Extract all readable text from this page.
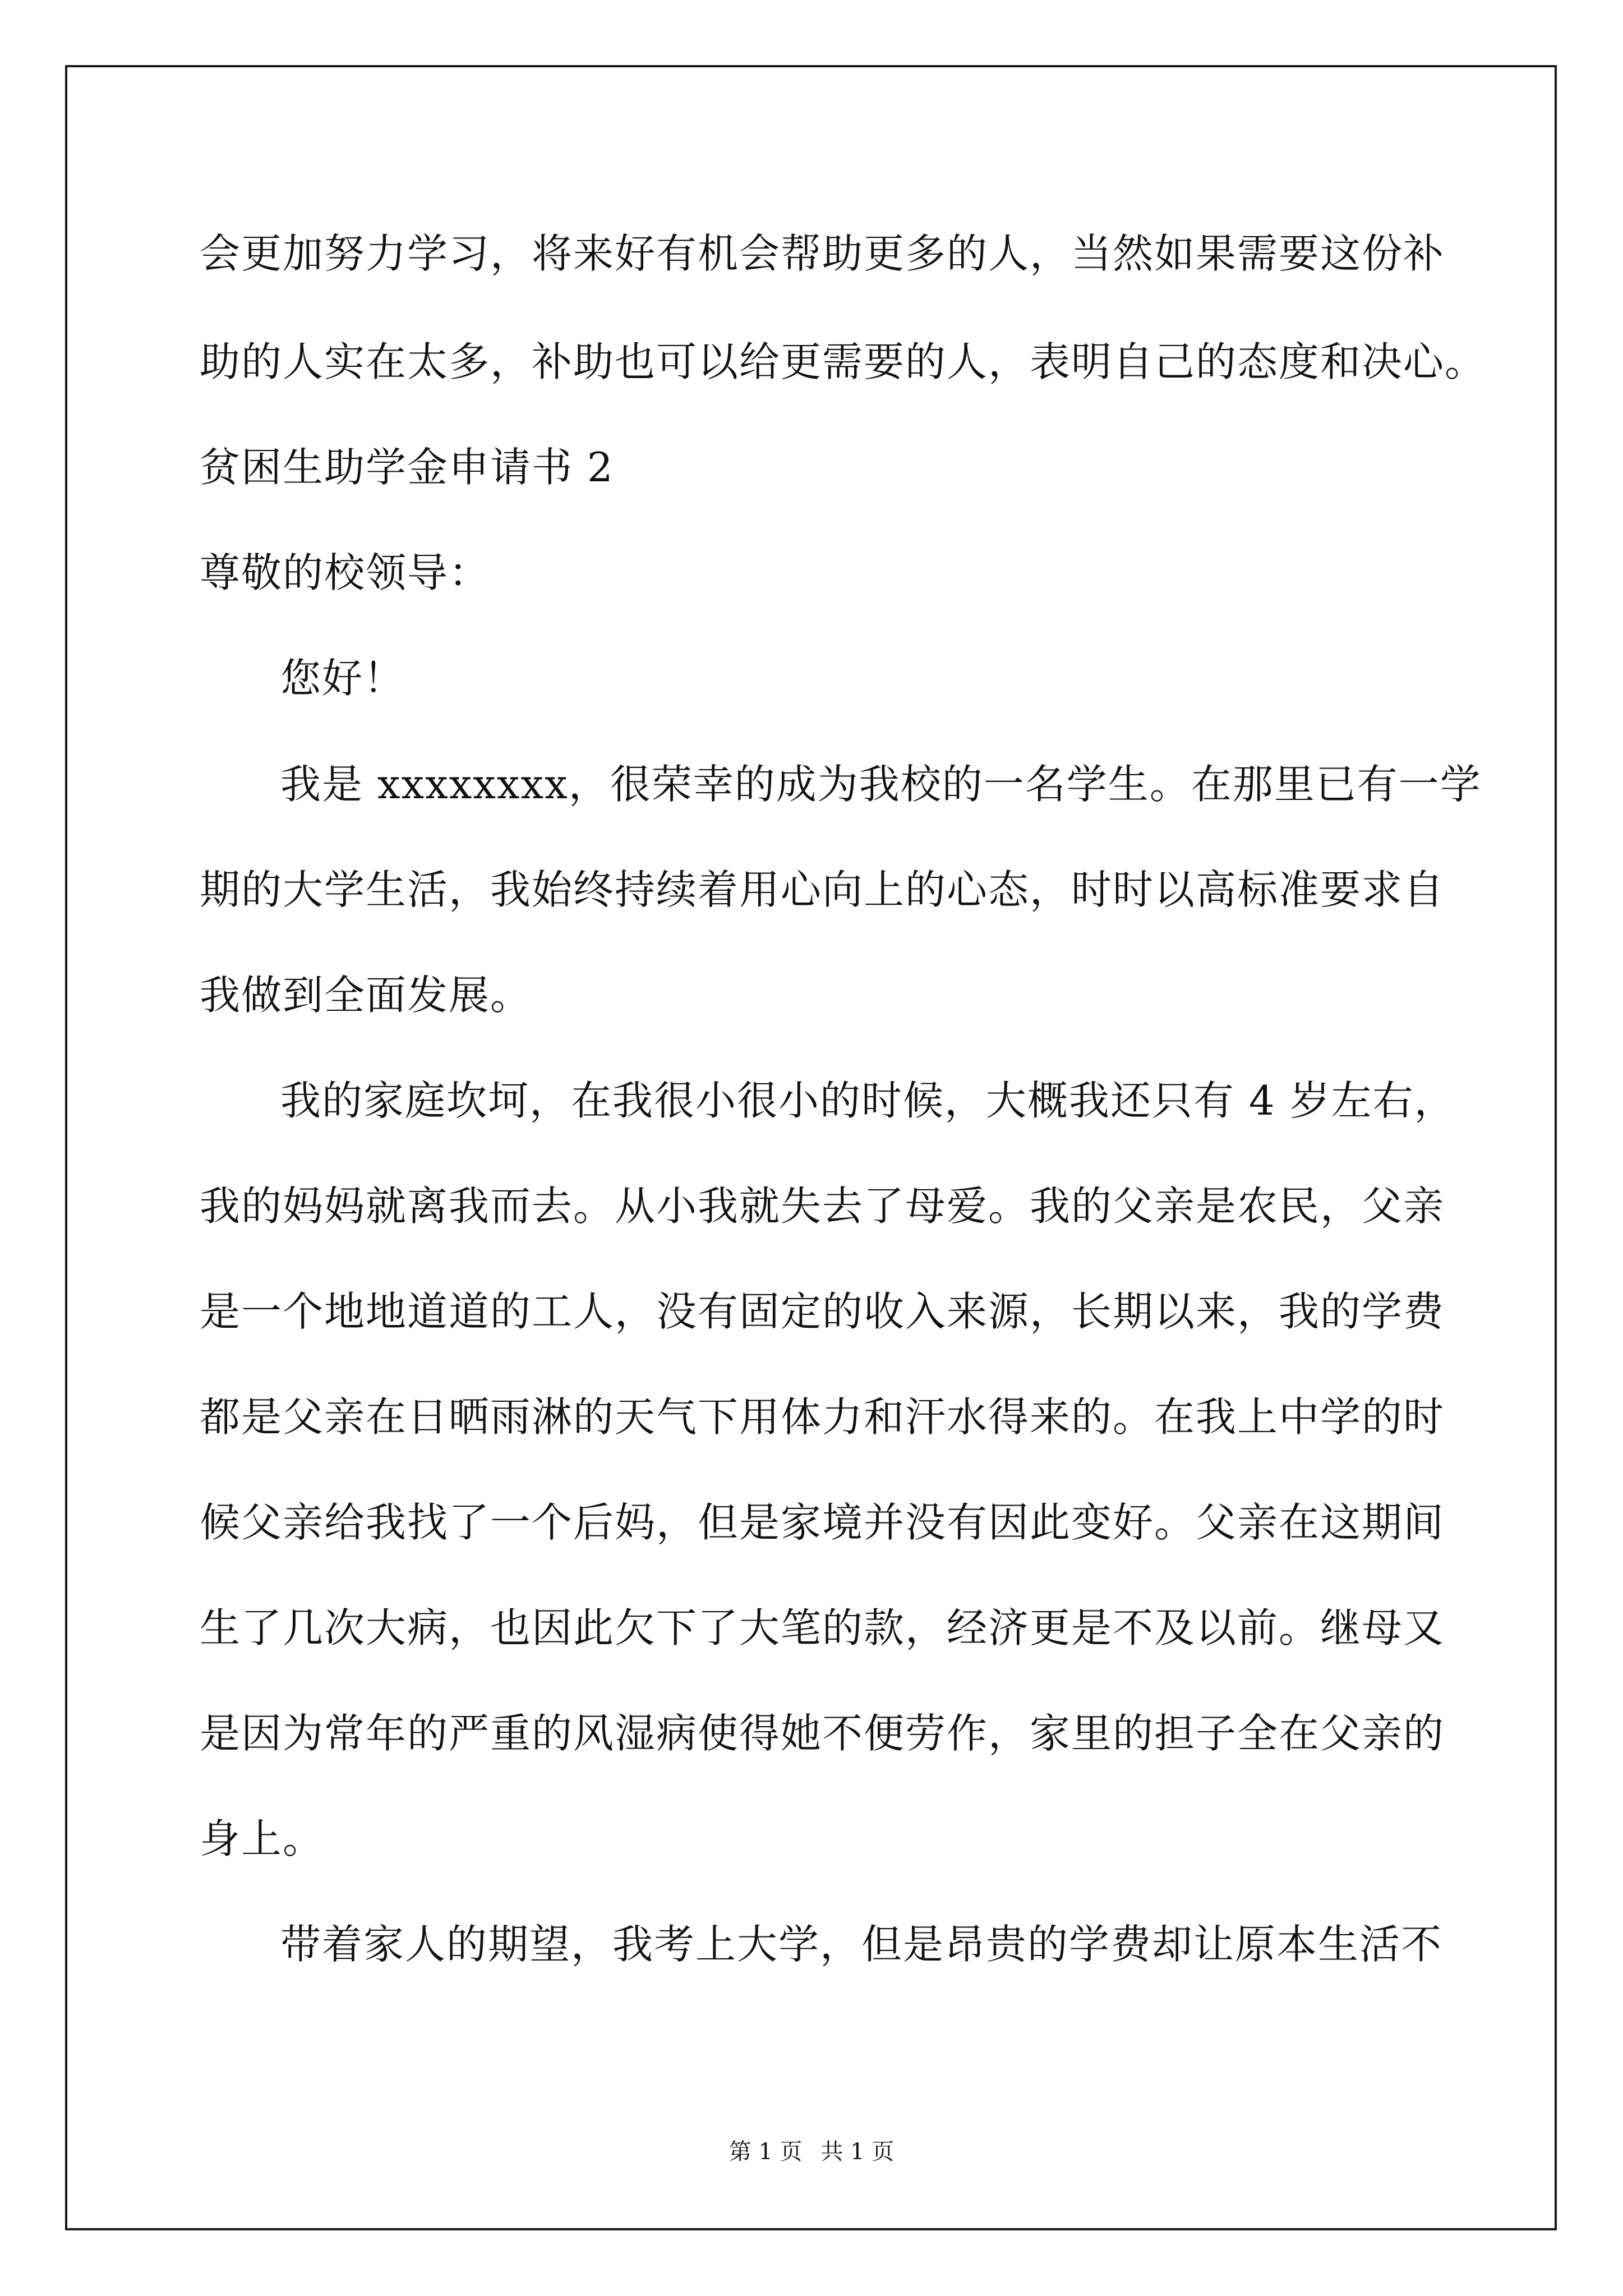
会更加努力学习，将来好有机会帮助更多的人，当然如果需要这份补
助的人实在太多，补助也可以给更需要的人，表明自己的态度和决心。
贫困生助学金申请书 2
尊敬的校领导：
您好！
我是 xxxxxxxx，很荣幸的成为我校的一名学生。在那里已有一学
期的大学生活，我始终持续着用心向上的心态，时时以高标准要求自
我做到全面发展。
我的家庭坎坷，在我很小很小的时候，大概我还只有 4 岁左右，
我的妈妈就离我而去。从小我就失去了母爱。我的父亲是农民，父亲
是一个地地道道的工人，没有固定的收入来源，长期以来，我的学费
都是父亲在日晒雨淋的天气下用体力和汗水得来的。在我上中学的时
候父亲给我找了一个后妈，但是家境并没有因此变好。父亲在这期间
生了几次大病，也因此欠下了大笔的款，经济更是不及以前。继母又
是因为常年的严重的风湿病使得她不便劳作，家里的担子全在父亲的
身上。
带着家人的期望，我考上大学，但是昂贵的学费却让原本生活不
第 1 页 共 1 页
